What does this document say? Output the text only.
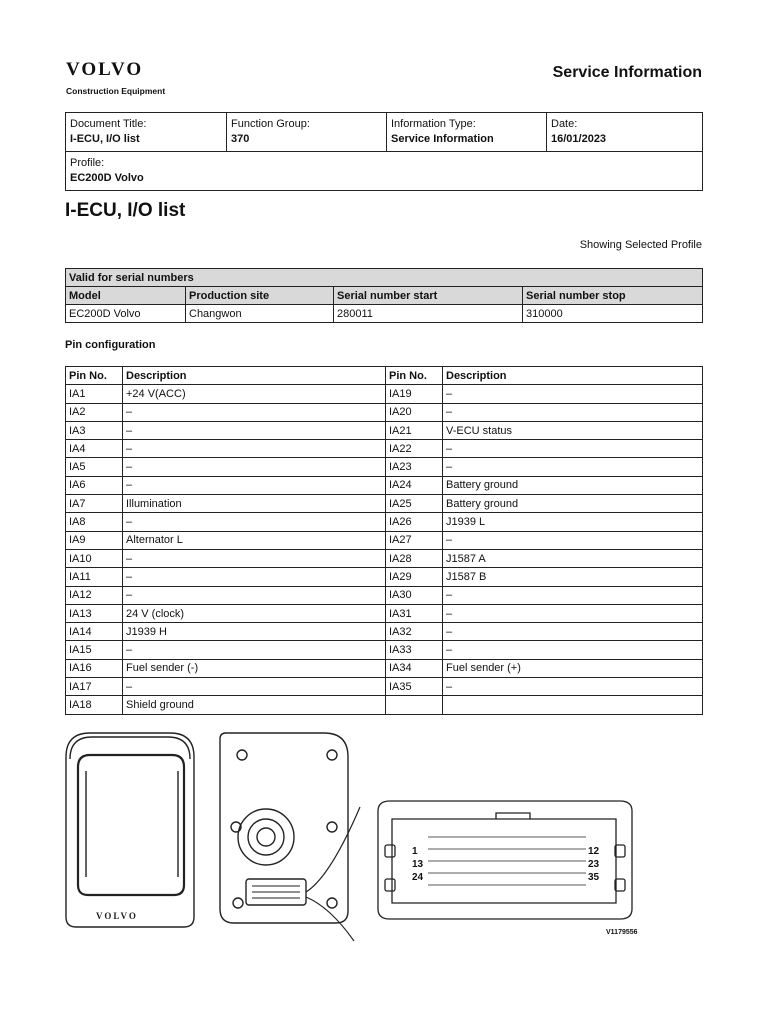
VOLVO
Construction Equipment
Service Information
Document Title:
I-ECU, I/O list

Function Group:
370

Information Type:
Service Information

Date:
16/01/2023

Profile:
EC200D Volvo
I-ECU, I/O list
Showing Selected Profile
Valid for serial numbers			
Model	Production site	Serial number start	Serial number stop
EC200D Volvo	Changwon	280011	310000
Pin configuration
Pin No.	Description	Pin No.	Description
IA1	+24 V(ACC)	IA19	–
IA2	–	IA20	–
IA3	–	IA21	V-ECU status
IA4	–	IA22	–
IA5	–	IA23	–
IA6	–	IA24	Battery ground
IA7	Illumination	IA25	Battery ground
IA8	–	IA26	J1939 L
IA9	Alternator L	IA27	–
IA10	–	IA28	J1587 A
IA11	–	IA29	J1587 B
IA12	–	IA30	–
IA13	24 V (clock)	IA31	–
IA14	J1939 H	IA32	–
IA15	–	IA33	–
IA16	Fuel sender (-)	IA34	Fuel sender (+)
IA17	–	IA35	–
IA18	Shield ground		
VOLVO
1	12
13	23
24	35
V1179556
